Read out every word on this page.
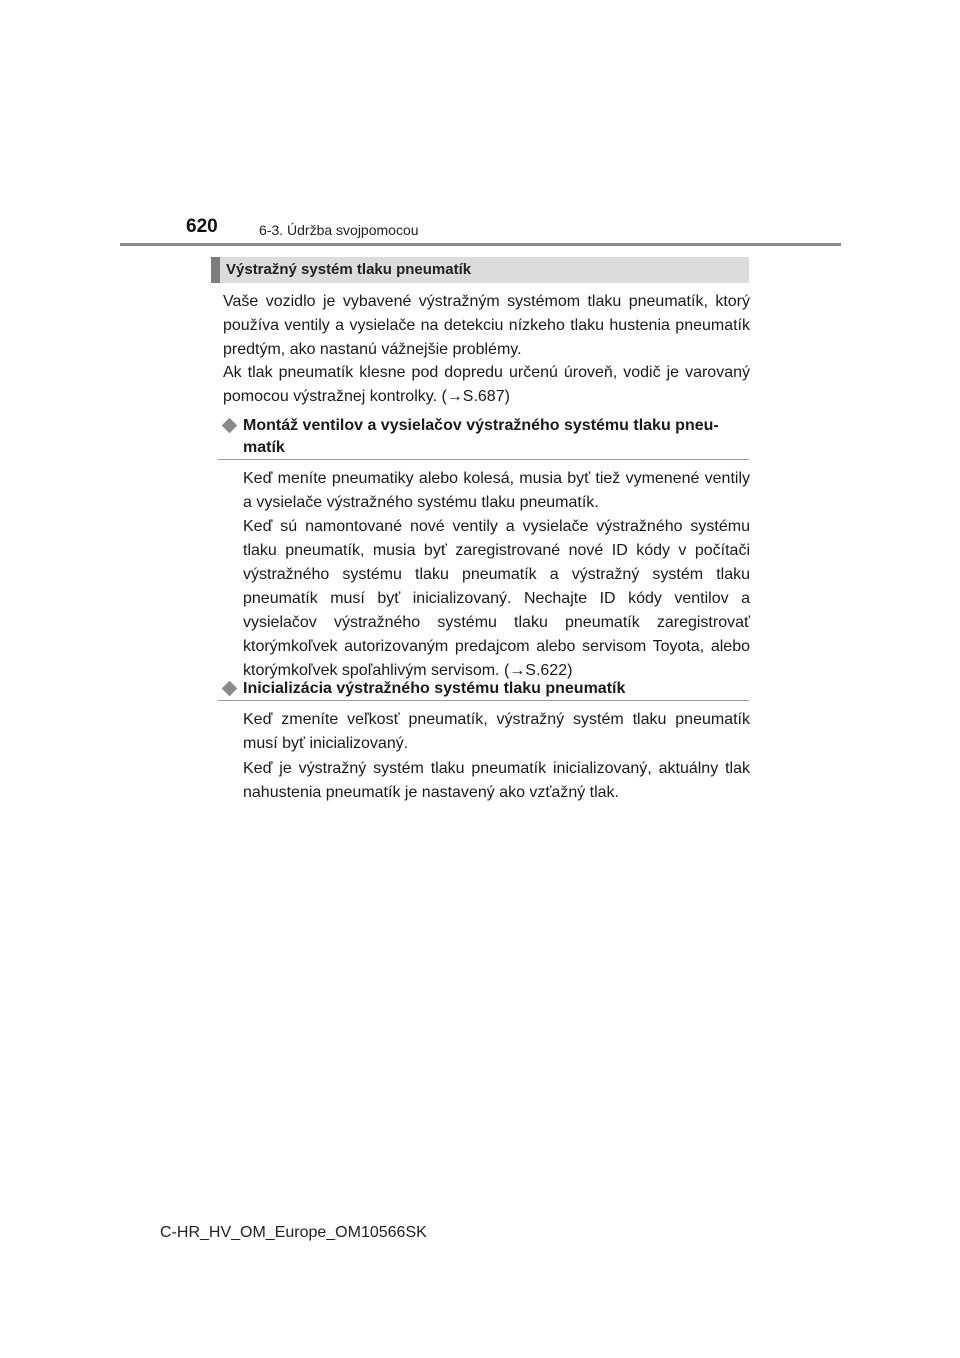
620	6-3. Údržba svojpomocou
Výstražný systém tlaku pneumatík

Vaše vozidlo je vybavené výstražným systémom tlaku pneumatík, ktorý používa ventily a vysielače na detekciu nízkeho tlaku hustenia pneumatík predtým, ako nastanú vážnejšie problémy.

Ak tlak pneumatík klesne pod dopredu určenú úroveň, vodič je varovaný pomocou výstražnej kontrolky. (→S.687)

Montáž ventilov a vysielačov výstražného systému tlaku pneu-

matík

Keď meníte pneumatiky alebo kolesá, musia byť tiež vymenené ventily a vysielače výstražného systému tlaku pneumatík.

Keď sú namontované nové ventily a vysielače výstražného systému tlaku pneumatík, musia byť zaregistrované nové ID kódy v počítači výstražného systému tlaku pneumatík a výstražný systém tlaku pneumatík musí byť inicializovaný. Nechajte ID kódy ventilov a vysielačov výstražného systému tlaku pneumatík zaregistrovať ktorýmkoľvek autorizovaným predajcom alebo servisom Toyota, alebo ktorýmkoľvek spoľahlivým servisom. (→S.622)

Inicializácia výstražného systému tlaku pneumatík

Keď zmeníte veľkosť pneumatík, výstražný systém tlaku pneumatík musí byť inicializovaný.

Keď je výstražný systém tlaku pneumatík inicializovaný, aktuálny tlak nahustenia pneumatík je nastavený ako vzťažný tlak.

C-HR_HV_OM_Europe_OM10566SK
